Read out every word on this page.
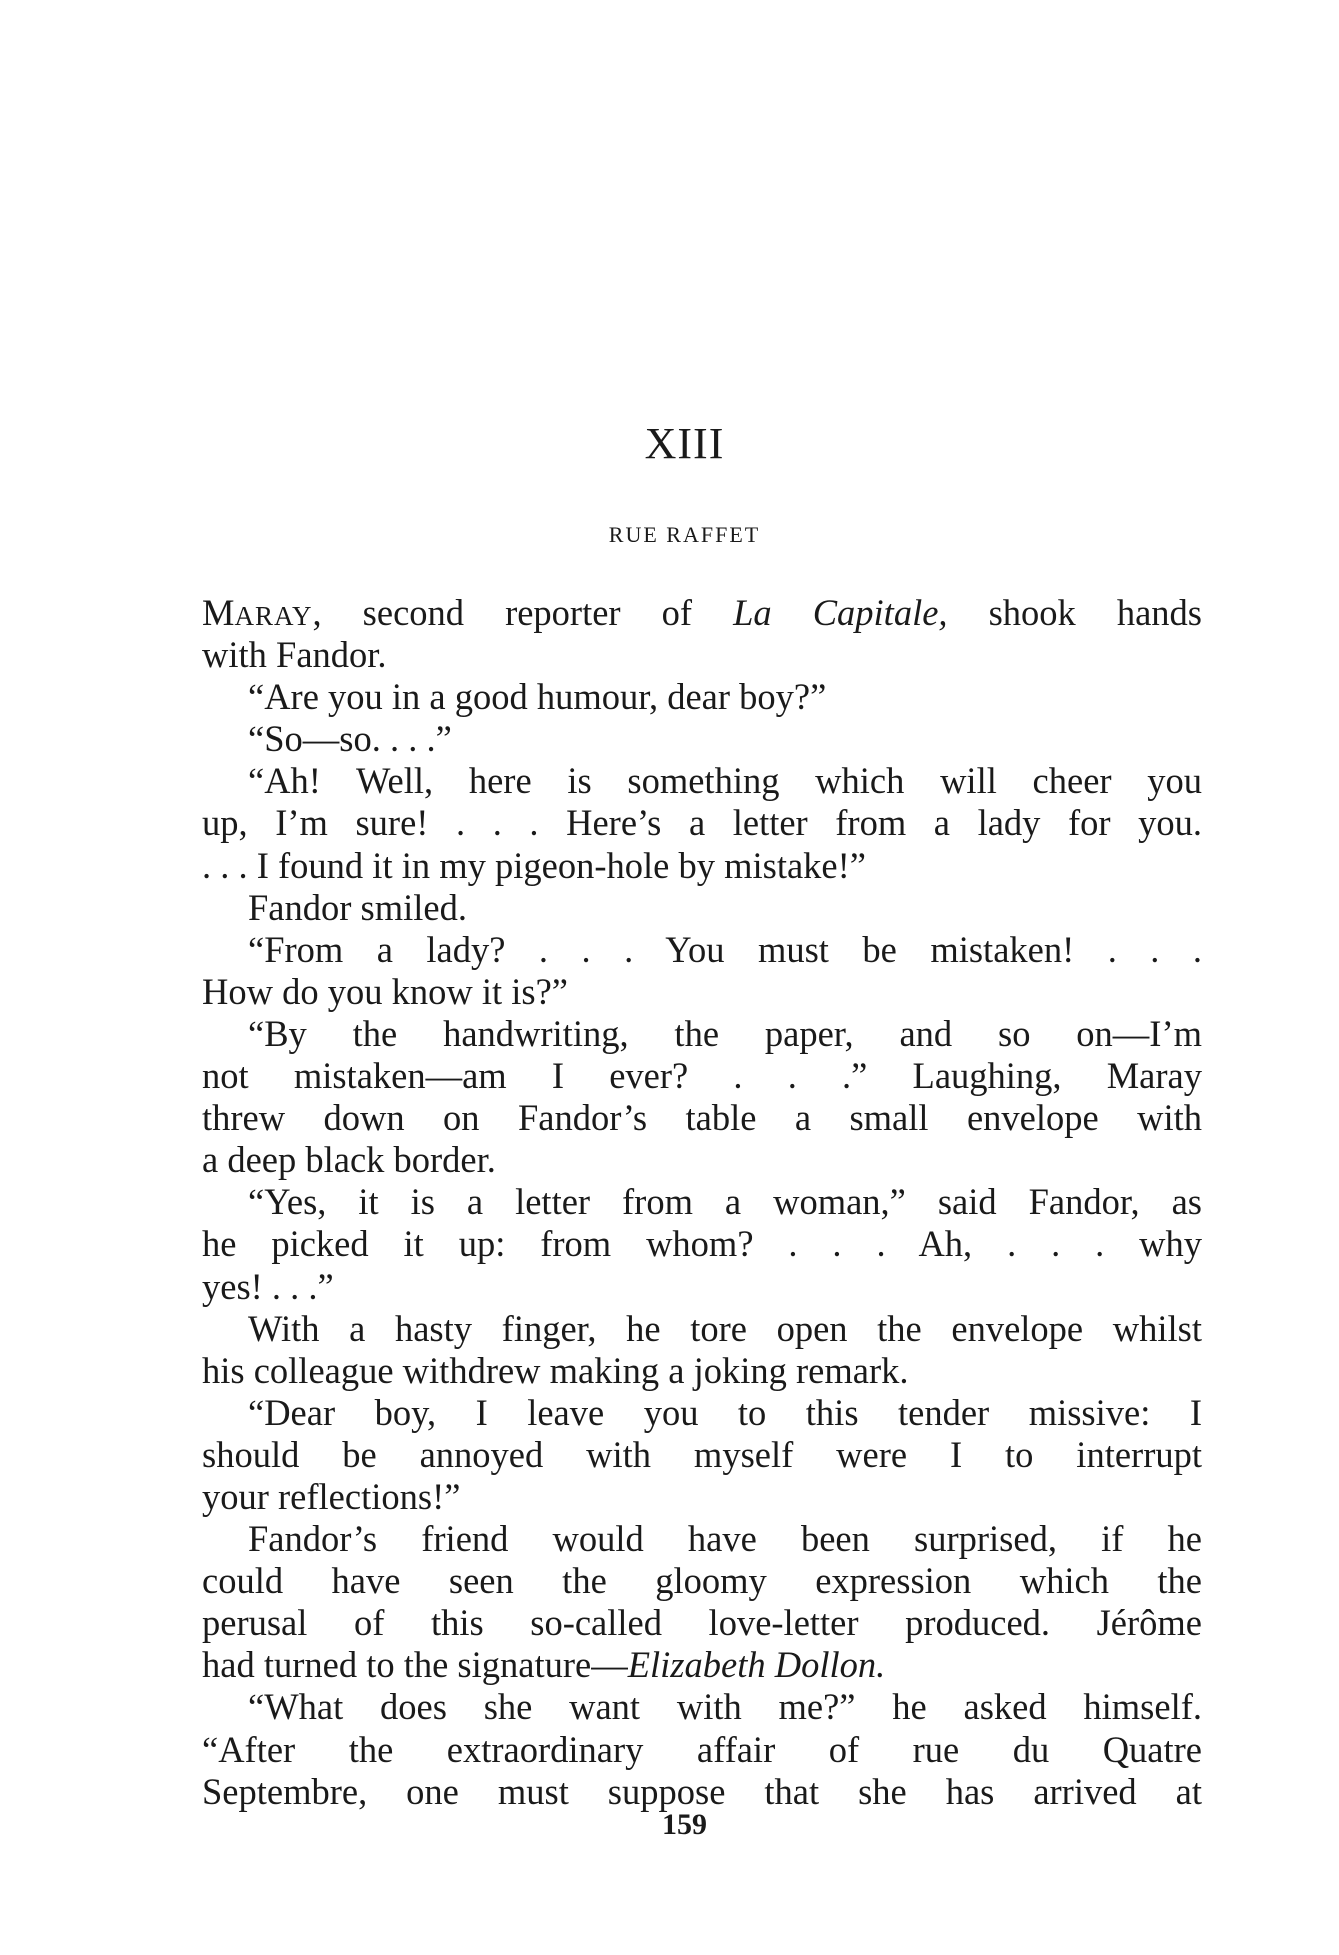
XIII
RUE RAFFET
MARAY, second reporter of La Capitale, shook hands
with Fandor.
“Are you in a good humour, dear boy?”
“So—so. . . .”
“Ah! Well, here is something which will cheer you
up, I’m sure! . . . Here’s a letter from a lady for you.
. . . I found it in my pigeon-hole by mistake!”
Fandor smiled.
“From a lady? . . . You must be mistaken! . . .
How do you know it is?”
“By the handwriting, the paper, and so on—I’m
not mistaken—am I ever? . . .” Laughing, Maray
threw down on Fandor’s table a small envelope with
a deep black border.
“Yes, it is a letter from a woman,” said Fandor, as
he picked it up: from whom? . . . Ah, . . . why
yes! . . .”
With a hasty finger, he tore open the envelope whilst
his colleague withdrew making a joking remark.
“Dear boy, I leave you to this tender missive: I
should be annoyed with myself were I to interrupt
your reflections!”
Fandor’s friend would have been surprised, if he
could have seen the gloomy expression which the
perusal of this so-called love-letter produced. Jérôme
had turned to the signature—Elizabeth Dollon.
“What does she want with me?” he asked himself.
“After the extraordinary affair of rue du Quatre
Septembre, one must suppose that she has arrived at
159
